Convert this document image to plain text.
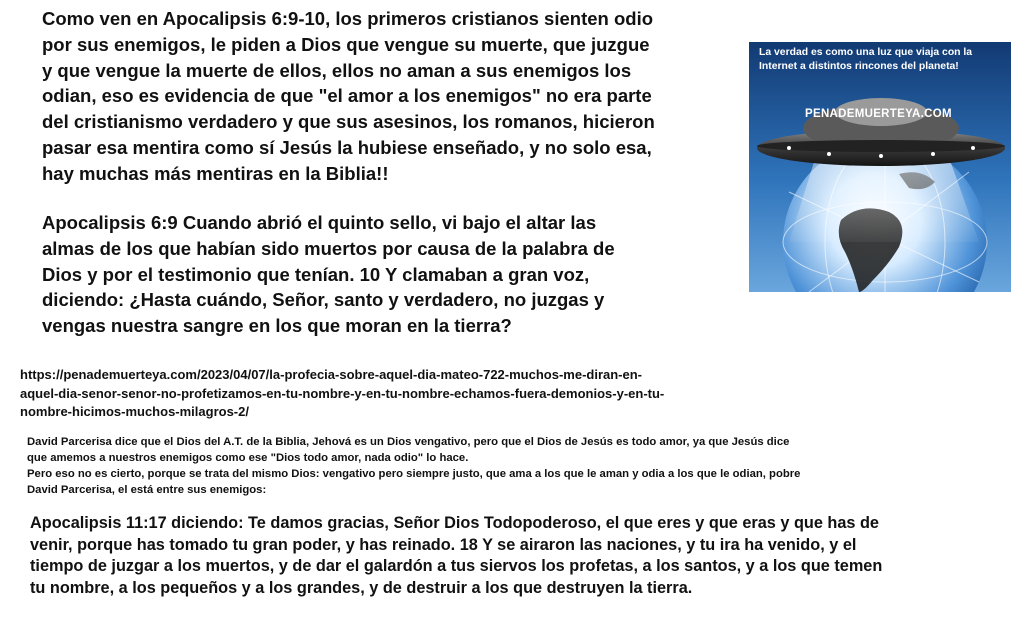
Como ven en Apocalipsis 6:9-10, los primeros cristianos sienten odio
por sus enemigos, le piden a Dios que vengue su muerte, que juzgue
y que vengue la muerte de ellos, ellos no aman a sus enemigos los
odian, eso es evidencia de que "el amor a los enemigos" no era parte
del cristianismo verdadero y que sus asesinos, los romanos, hicieron
pasar esa mentira como sí Jesús la hubiese enseñado, y no solo esa,
hay muchas más mentiras en la Biblia!!
Apocalipsis 6:9 Cuando abrió el quinto sello, vi bajo el altar las
almas de los que habían sido muertos por causa de la palabra de
Dios y por el testimonio que tenían. 10 Y clamaban a gran voz,
diciendo: ¿Hasta cuándo, Señor, santo y verdadero, no juzgas y
vengas nuestra sangre en los que moran en la tierra?
https://penademuerteya.com/2023/04/07/la-profecia-sobre-aquel-dia-mateo-722-muchos-me-diran-en-
aquel-dia-senor-senor-no-profetizamos-en-tu-nombre-y-en-tu-nombre-echamos-fuera-demonios-y-en-tu-
nombre-hicimos-muchos-milagros-2/
David Parcerisa dice que el Dios del A.T. de la Biblia, Jehová es un Dios vengativo, pero que el Dios de Jesús es todo amor, ya que Jesús dice
que amemos a nuestros enemigos como ese "Dios todo amor, nada odio" lo hace.
Pero eso no es cierto, porque se trata del mismo Dios: vengativo pero siempre justo, que ama a los que le aman y odia a los que le odian, pobre
David Parcerisa, el está entre sus enemigos:
Apocalipsis 11:17 diciendo: Te damos gracias, Señor Dios Todopoderoso, el que eres y que eras y que has de
venir, porque has tomado tu gran poder, y has reinado. 18 Y se airaron las naciones, y tu ira ha venido, y el
tiempo de juzgar a los muertos, y de dar el galardón a tus siervos los profetas, a los santos, y a los que temen
tu nombre, a los pequeños y a los grandes, y de destruir a los que destruyen la tierra.
La verdad es como una luz que viaja con la Internet a distintos rincones del planeta!
PENADEMUERTEYA.COM
